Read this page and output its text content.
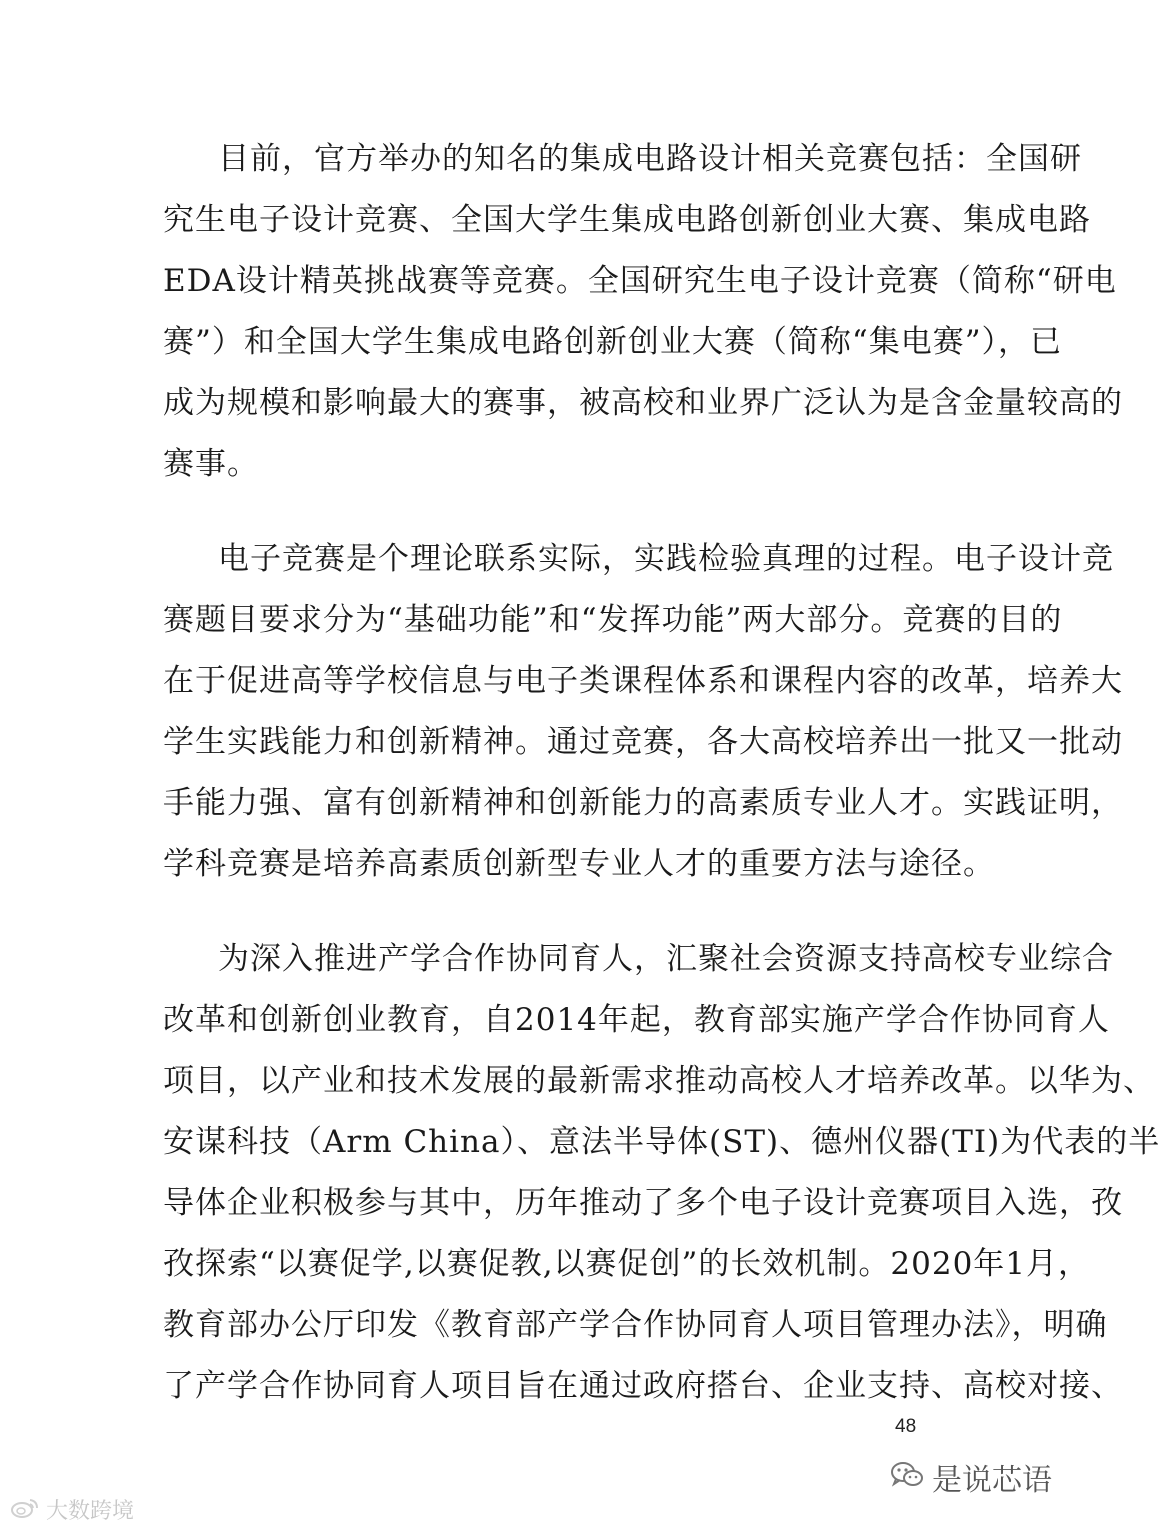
目前，官方举办的知名的集成电路设计相关竞赛包括：全国研
究生电子设计竞赛、全国大学生集成电路创新创业大赛、集成电路
EDA设计精英挑战赛等竞赛。全国研究生电子设计竞赛（简称“研电
赛”）和全国大学生集成电路创新创业大赛（简称“集电赛”），已
成为规模和影响最大的赛事，被高校和业界广泛认为是含金量较高的
赛事。
电子竞赛是个理论联系实际，实践检验真理的过程。电子设计竞
赛题目要求分为“基础功能”和“发挥功能”两大部分。竞赛的目的
在于促进高等学校信息与电子类课程体系和课程内容的改革，培养大
学生实践能力和创新精神。通过竞赛，各大高校培养出一批又一批动
手能力强、富有创新精神和创新能力的高素质专业人才。实践证明，
学科竞赛是培养高素质创新型专业人才的重要方法与途径。
为深入推进产学合作协同育人，汇聚社会资源支持高校专业综合
改革和创新创业教育，自2014年起，教育部实施产学合作协同育人
项目，以产业和技术发展的最新需求推动高校人才培养改革。以华为、
安谋科技（Arm China）、意法半导体(ST)、德州仪器(TI)为代表的半
导体企业积极参与其中，历年推动了多个电子设计竞赛项目入选，孜
孜探索“以赛促学,以赛促教,以赛促创”的长效机制。2020年1月，
教育部办公厅印发《教育部产学合作协同育人项目管理办法》，明确
了产学合作协同育人项目旨在通过政府搭台、企业支持、高校对接、
48
是说芯语
大数跨境
